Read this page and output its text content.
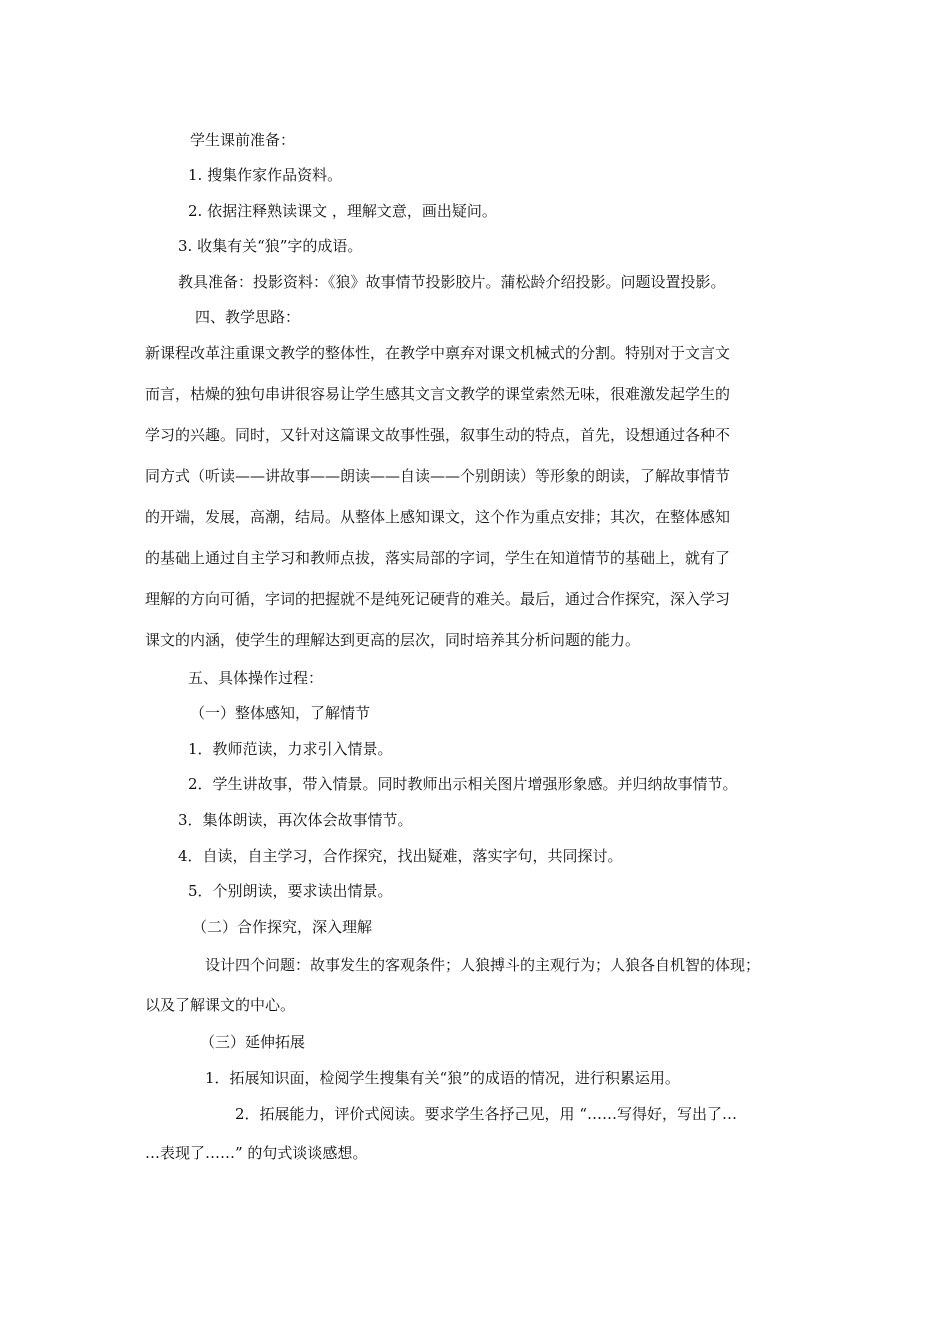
学生课前准备：
1. 搜集作家作品资料。
2. 依据注释熟读课文 ，理解文意，画出疑问。
3. 收集有关“狼”字的成语。
教具准备：投影资料：《狼》故事情节投影胶片。蒲松龄介绍投影。问题设置投影。
四、教学思路：
新课程改革注重课文教学的整体性，在教学中禀弃对课文机械式的分割。特别对于文言文
而言，枯燥的独句串讲很容易让学生感其文言文教学的课堂索然无味，很难激发起学生的
学习的兴趣。同时，又针对这篇课文故事性强，叙事生动的特点，首先，设想通过各种不
同方式（听读——讲故事——朗读——自读——个别朗读）等形象的朗读，了解故事情节
的开端，发展，高潮，结局。从整体上感知课文，这个作为重点安排；其次，在整体感知
的基础上通过自主学习和教师点拔，落实局部的字词，学生在知道情节的基础上，就有了
理解的方向可循，字词的把握就不是纯死记硬背的难关。最后，通过合作探究，深入学习
课文的内涵，使学生的理解达到更高的层次，同时培养其分析问题的能力。
五、具体操作过程：
（一）整体感知，了解情节
1．教师范读，力求引入情景。
2．学生讲故事，带入情景。同时教师出示相关图片增强形象感。并归纳故事情节。
3．集体朗读，再次体会故事情节。
4．自读，自主学习，合作探究，找出疑难，落实字句，共同探讨。
5．个别朗读，要求读出情景。
（二）合作探究，深入理解
设计四个问题：故事发生的客观条件；人狼搏斗的主观行为；人狼各自机智的体现；
以及了解课文的中心。
（三）延伸拓展
1．拓展知识面，检阅学生搜集有关“狼”的成语的情况，进行积累运用。
2．拓展能力，评价式阅读。要求学生各抒己见，用 “……写得好，写出了…
…表现了……” 的句式谈谈感想。
